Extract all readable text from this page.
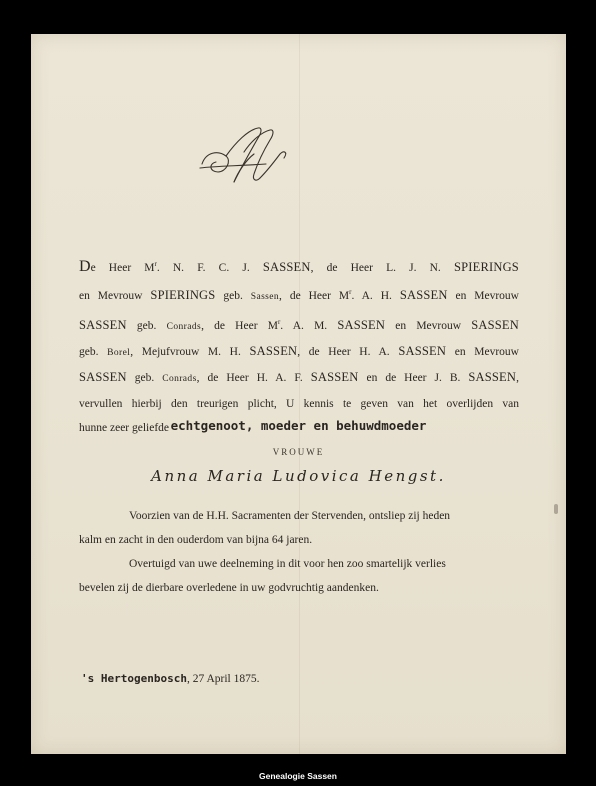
M
De Heer $M^r$. N. F. C. J. SASSEN, de Heer L. J. N. SPIERINGS
en Mevrouw SPIERINGS geb. Sassen, de Heer $M^r$. A. H. SASSEN en Mevrouw
SASSEN geb. Conrads, de Heer $M^r$. A. M. SASSEN en Mevrouw SASSEN
geb. Borel, Mejufvrouw M. H. SASSEN, de Heer H. A. SASSEN en Mevrouw
SASSEN geb. Conrads, de Heer H. A. F. SASSEN en de Heer J. B. SASSEN,
vervullen hierbij den treurigen plicht, U kennis te geven van het overlijden van
hunne zeer geliefde echtgenoot, moeder en behuwdmoeder
VROUWE
Anna Maria Ludovica Hengst.
Voorzien van de H.H. Sacramenten der Stervenden, ontsliep zij heden
kalm en zacht in den ouderdom van bijna 64 jaren.
Overtuigd van uwe deelneming in dit voor hen zoo smartelijk verlies
bevelen zij de dierbare overledene in uw godvruchtig aandenken.
's Hertogenbosch, 27 April 1875.
Genealogie Sassen
